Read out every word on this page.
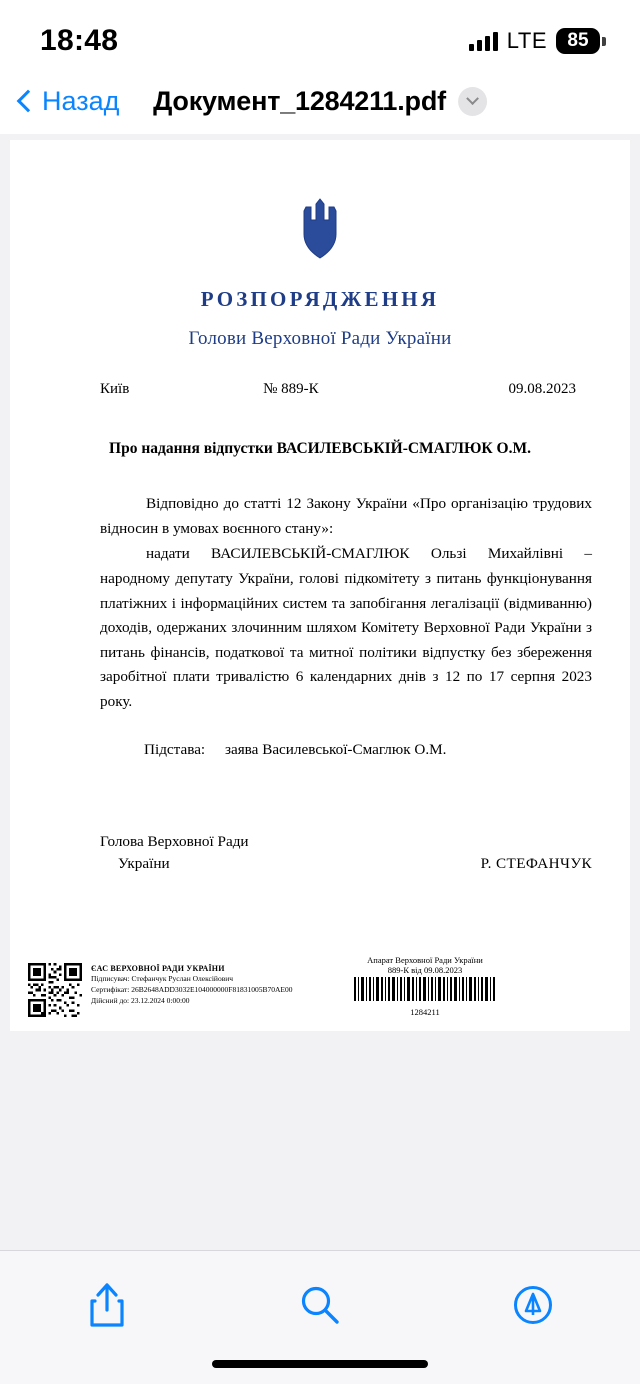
18:48	LTE	85
Назад Документ_1284211.pdf
РОЗПОРЯДЖЕННЯ
Голови Верховної Ради України
Київ	№ 889-К	09.08.2023
Про надання відпустки ВАСИЛЕВСЬКІЙ-СМАГЛЮК О.М.

Відповідно до статті 12 Закону України «Про організацію трудових відносин в умовах воєнного стану»:

надати ВАСИЛЕВСЬКІЙ-СМАГЛЮК Ользі Михайлівні – народному депутату України, голові підкомітету з питань функціонування платіжних і інформаційних систем та запобігання легалізації (відмиванню) доходів, одержаних злочинним шляхом Комітету Верховної Ради України з питань фінансів, податкової та митної політики відпустку без збереження заробітної плати тривалістю 6 календарних днів з 12 по 17 серпня 2023 року.

Підстава: заява Василевської-Смаглюк О.М.
Голова Верховної Ради
України	Р. СТЕФАНЧУК
ЄАС ВЕРХОВНОЇ РАДИ УКРАЇНИ
Підписувач: Стефанчук Руслан Олексійович
Сертифікат: 26B2648ADD3032E104000000F81831005B70AE00
Дійсний до: 23.12.2024 0:00:00
Апарат Верховної Ради України
889-К від 09.08.2023
1284211
